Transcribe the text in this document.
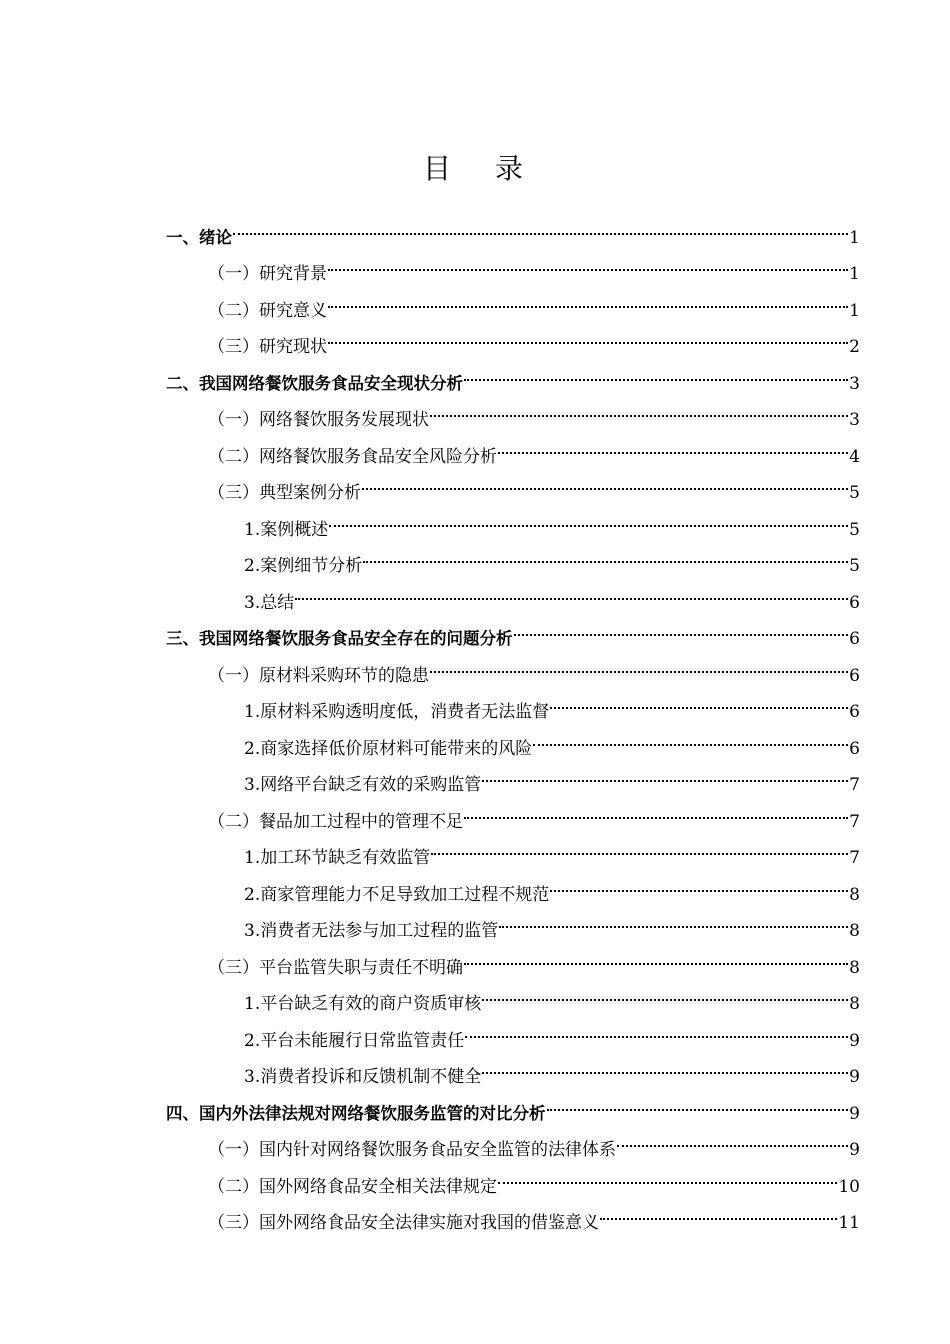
目录
一、绪论	1
（一）研究背景	1
（二）研究意义	1
（三）研究现状	2
二、我国网络餐饮服务食品安全现状分析	3
（一）网络餐饮服务发展现状	3
（二）网络餐饮服务食品安全风险分析	4
（三）典型案例分析	5
1.案例概述	5
2.案例细节分析	5
3.总结	6
三、我国网络餐饮服务食品安全存在的问题分析	6
（一）原材料采购环节的隐患	6
1.原材料采购透明度低，消费者无法监督	6
2.商家选择低价原材料可能带来的风险	6
3.网络平台缺乏有效的采购监管	7
（二）餐品加工过程中的管理不足	7
1.加工环节缺乏有效监管	7
2.商家管理能力不足导致加工过程不规范	8
3.消费者无法参与加工过程的监管	8
（三）平台监管失职与责任不明确	8
1.平台缺乏有效的商户资质审核	8
2.平台未能履行日常监管责任	9
3.消费者投诉和反馈机制不健全	9
四、国内外法律法规对网络餐饮服务监管的对比分析	9
（一）国内针对网络餐饮服务食品安全监管的法律体系	9
（二）国外网络食品安全相关法律规定	10
（三）国外网络食品安全法律实施对我国的借鉴意义	11
